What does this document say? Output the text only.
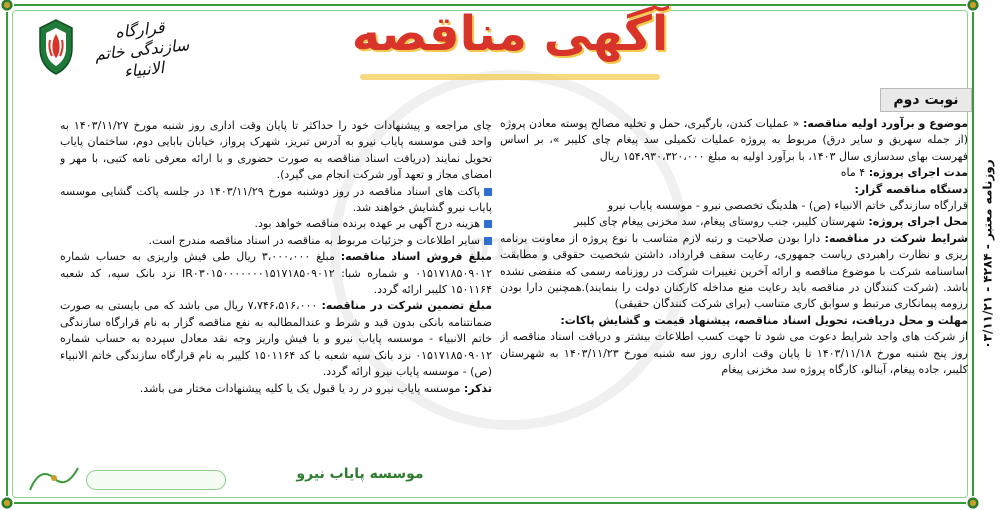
روزنامه معتبر - ۴۲۸۴ - ۰۳/۱۱/۲۱
قرارگاه سازندگی خاتم الانبیاء
آگهی مناقصه
نوبت دوم

موضوع و برآورد اولیه مناقصه: « عملیات کندن، بارگیری، حمل و تخلیه مصالح پوسته معادن پروژه (از جمله سهریق و سایر درق) مربوط به پروژه عملیات تکمیلی سد پیغام چای کلیبر »، بر اساس فهرست بهای سدسازی سال ۱۴۰۳، با برآورد اولیه به مبلغ ۱۵۴،۹۳۰،۳۲۰،۰۰۰ ریال

مدت اجرای پروژه: ۴ ماه

دستگاه مناقصه گزار:
قرارگاه سازندگی خاتم الانبیاء (ص) - هلدینگ تخصصی نیرو - موسسه پایاب نیرو

محل اجرای پروژه: شهرستان کلیبر، جنب روستای پیغام، سد مخزنی پیغام چای کلیبر

شرایط شرکت در مناقصه: دارا بودن صلاحیت و رتبه لازم متناسب با نوع پروژه از معاونت برنامه ریزی و نظارت راهبردی ریاست جمهوری، رعایت سقف قرارداد، داشتن شخصیت حقوقی و مطابقت اساسنامه شرکت با موضوع مناقصه و ارائه آخرین تغییرات شرکت در روزنامه رسمی که منقضی نشده باشد. (شرکت کنندگان در مناقصه باید رعایت منع مداخله کارکنان دولت را بنمایند).همچنین دارا بودن رزومه پیمانکاری مرتبط و سوابق کاری متناسب (برای شرکت کنندگان حقیقی)

مهلت و محل دریافت، تحویل اسناد مناقصه، پیشنهاد قیمت و گشایش پاکات:
از شرکت های واجد شرایط دعوت می شود تا جهت کسب اطلاعات بیشتر و دریافت اسناد مناقصه از روز پنج شنبه مورخ ۱۴۰۳/۱۱/۱۸ تا پایان وقت اداری روز سه شنبه مورخ ۱۴۰۳/۱۱/۲۳ به شهرستان کلیبر، جاده پیغام، آینالو، کارگاه پروژه سد مخزنی پیغام

چای مراجعه و پیشنهادات خود را حداکثر تا پایان وقت اداری روز شنبه مورخ ۱۴۰۳/۱۱/۲۷ به واحد فنی موسسه پایاب نیرو به آدرس تبریز، شهرک پرواز، خیابان بابایی دوم، ساختمان پایاب تحویل نمایند (دریافت اسناد مناقصه به صورت حضوری و با ارائه معرفی نامه کتبی، با مهر و امضای مجاز و تعهد آور شرکت انجام می گیرد).

پاکت های اسناد مناقصه در روز دوشنبه مورخ ۱۴۰۳/۱۱/۲۹ در جلسه پاکت گشایی موسسه پایاب نیرو گشایش خواهند شد.

هزینه درج آگهی بر عهده برنده مناقصه خواهد بود.

سایر اطلاعات و جزئیات مربوط به مناقصه در اسناد مناقصه مندرج است.

مبلغ فروش اسناد مناقصه: مبلغ ۳،۰۰۰،۰۰۰ ریال طی فیش واریزی به حساب شماره ۰۱۵۱۷۱۸۵۰۹۰۱۲ و شماره شبا: IR۰۳۰۱۵۰۰۰۰۰۰۰۱۵۱۷۱۸۵۰۹۰۱۲ نزد بانک سپه، کد شعبه ۱۵۰۱۱۶۴ کلیبر ارائه گردد.

مبلغ تضمین شرکت در مناقصه: ۷،۷۴۶،۵۱۶،۰۰۰ ریال می باشد که می بایستی به صورت ضمانتنامه بانکی بدون قید و شرط و عندالمطالبه به نفع مناقصه گزار به نام قرارگاه سازندگی خاتم الانبیاء - موسسه پایاب نیرو و یا فیش واریز وجه نقد معادل سپرده به حساب شماره ۰۱۵۱۷۱۸۵۰۹۰۱۲ نزد بانک سپه شعبه با کد ۱۵۰۱۱۶۴ کلیبر به نام قرارگاه سازندگی خاتم الانبیاء (ص) - موسسه پایاب نیرو ارائه گردد.

تذکر: موسسه پایاب نیرو در رد یا قبول یک یا کلیه پیشنهادات مختار می باشد.

موسسه پایاب نیرو
